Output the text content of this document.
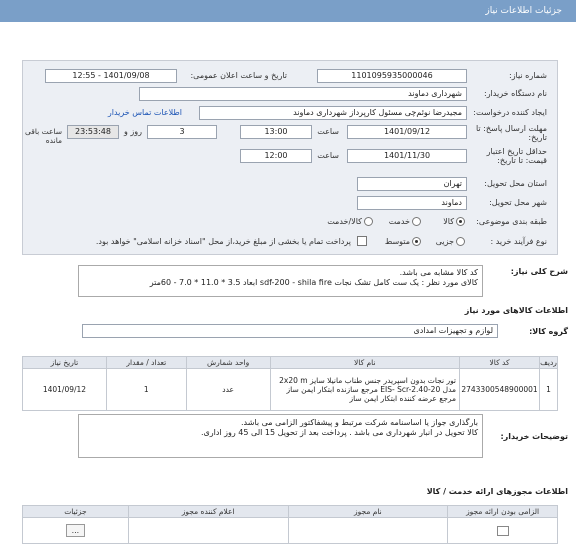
جزئیات اطلاعات نیاز
شماره نیاز:
1101095935000046
تاریخ و ساعت اعلان عمومی:
1401/09/08 - 12:55
نام دستگاه خریدار:
شهرداری دماوند
ایجاد کننده درخواست:
مجیدرضا نوئم‌چی مسئول کارپرداز شهرداری دماوند
اطلاعات تماس خریدار
مهلت ارسال پاسخ: تا تاریخ:
1401/09/12
ساعت
13:00
3
روز و
23:53:48
ساعت باقی مانده
حداقل تاریخ اعتبار قیمت: تا تاریخ:
1401/11/30
ساعت
12:00
استان محل تحویل:
تهران
شهر محل تحویل:
دماوند
طبقه بندی موضوعی:
کالا
خدمت
کالا/خدمت
نوع فرآیند خرید :
جزیی
متوسط
پرداخت تمام یا بخشی از مبلغ خرید،از محل "اسناد خزانه اسلامی" خواهد بود.
شرح کلی نیاز:
کد کالا مشابه می باشد.
کالای مورد نظر : یک ست کامل تشک نجات sdf-200 - shila fire ابعاد 3.5 * 11.0 * 7.0 - 60متر
اطلاعات کالاهای مورد نیاز
گروه کالا:
لوازم و تجهیزات امدادی
ردیف	کد کالا	نام کالا	واحد شمارش	تعداد / مقدار	تاریخ نیاز
1	2743300548900001	تور نجات بدون اسپریدر جنس طناب مانیلا سایز 2x20 m مدل EIS- Scr-2.40-20 مرجع سازنده ابتکار ایمن ساز مرجع عرضه کننده ابتکار ایمن ساز	عدد	1	1401/09/12
توضیحات خریدار:
بارگذاری جواز یا اساسنامه شرکت مرتبط و پیشفاکتور الزامی می باشد.
کالا تحویل در انبار شهرداری می باشد . پرداخت بعد از تحویل 15 الی 45 روز اداری.
اطلاعات مجوزهای ارائه خدمت / کالا
الزامی بودن ارائه مجوز	نام مجوز	اعلام کننده مجوز	جزئیات
			…
